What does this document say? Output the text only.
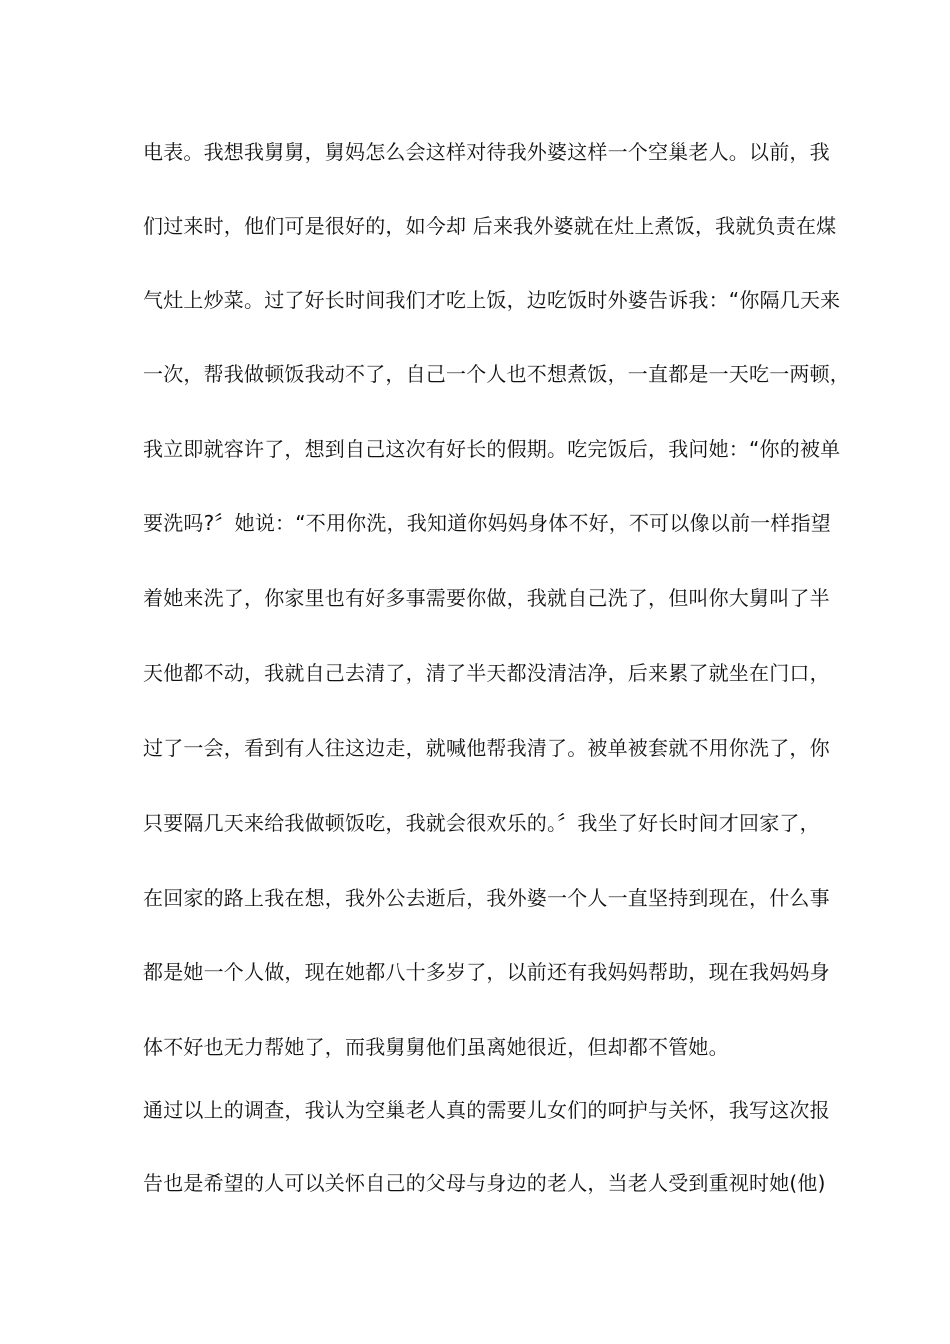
电表。我想我舅舅，舅妈怎么会这样对待我外婆这样一个空巢老人。以前，我
们过来时，他们可是很好的，如今却 后来我外婆就在灶上煮饭，我就负责在煤
气灶上炒菜。过了好长时间我们才吃上饭，边吃饭时外婆告诉我：“你隔几天来
一次，帮我做顿饭我动不了，自己一个人也不想煮饭，一直都是一天吃一两顿，
我立即就容许了，想到自己这次有好长的假期。吃完饭后，我问她：“你的被单
要洗吗?〞她说：“不用你洗，我知道你妈妈身体不好，不可以像以前一样指望
着她来洗了，你家里也有好多事需要你做，我就自己洗了，但叫你大舅叫了半
天他都不动，我就自己去清了，清了半天都没清洁净，后来累了就坐在门口，
过了一会，看到有人往这边走，就喊他帮我清了。被单被套就不用你洗了，你
只要隔几天来给我做顿饭吃，我就会很欢乐的。〞我坐了好长时间才回家了，
在回家的路上我在想，我外公去逝后，我外婆一个人一直坚持到现在，什么事
都是她一个人做，现在她都八十多岁了，以前还有我妈妈帮助，现在我妈妈身
体不好也无力帮她了，而我舅舅他们虽离她很近，但却都不管她。
通过以上的调查，我认为空巢老人真的需要儿女们的呵护与关怀，我写这次报
告也是希望的人可以关怀自己的父母与身边的老人，当老人受到重视时她(他)
